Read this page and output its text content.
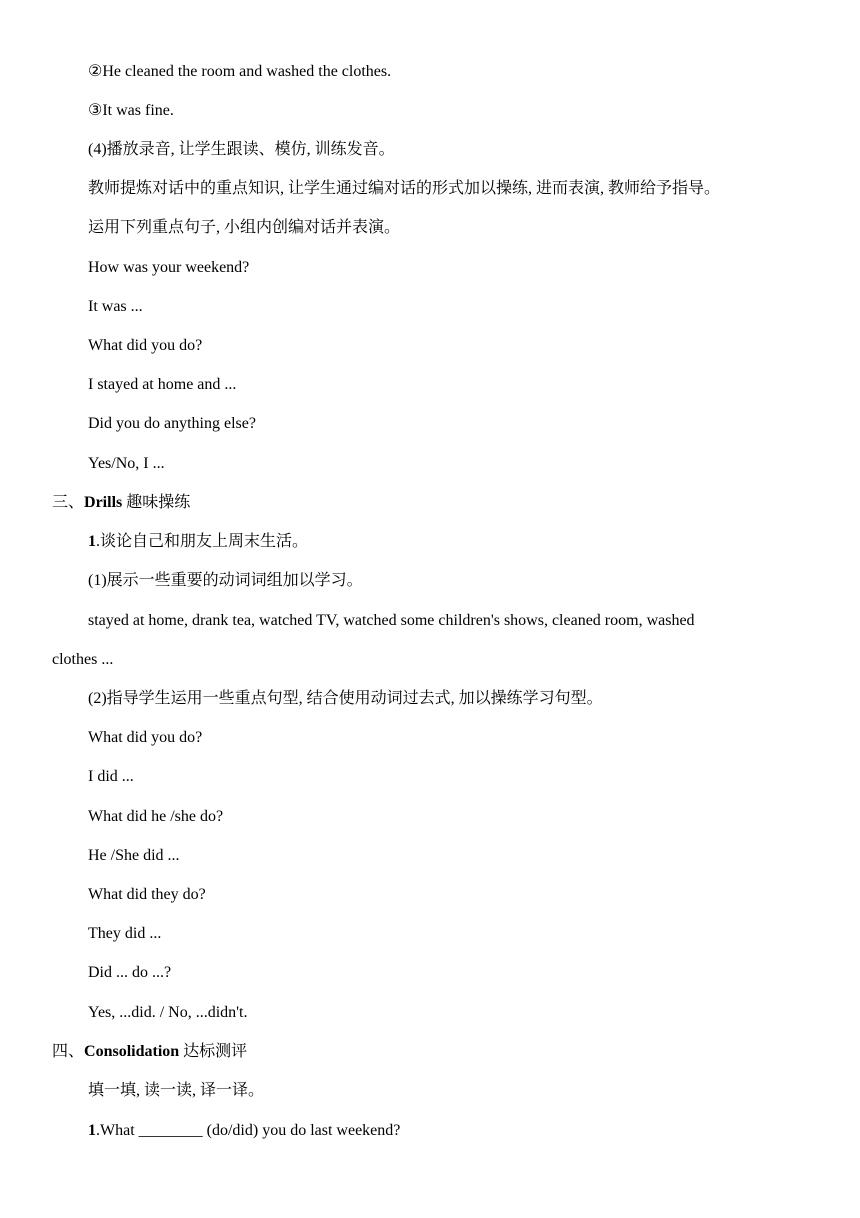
②He cleaned the room and washed the clothes.
③It was fine.
(4)播放录音, 让学生跟读、模仿, 训练发音。
教师提炼对话中的重点知识, 让学生通过编对话的形式加以操练, 进而表演, 教师给予指导。
运用下列重点句子, 小组内创编对话并表演。
How was your weekend?
It was ...
What did you do?
I stayed at home and ...
Did you do anything else?
Yes/No, I ...
三、Drills 趣味操练
1.谈论自己和朋友上周末生活。
(1)展示一些重要的动词词组加以学习。
stayed at home, drank tea, watched TV, watched some children's shows, cleaned room, washed
clothes ...
(2)指导学生运用一些重点句型, 结合使用动词过去式, 加以操练学习句型。
What did you do?
I did ...
What did he /she do?
He /She did ...
What did they do?
They did ...
Did ... do ...?
Yes, ...did. / No, ...didn't.
四、Consolidation 达标测评
填一填, 读一读, 译一译。
1.What ________ (do/did) you do last weekend?
